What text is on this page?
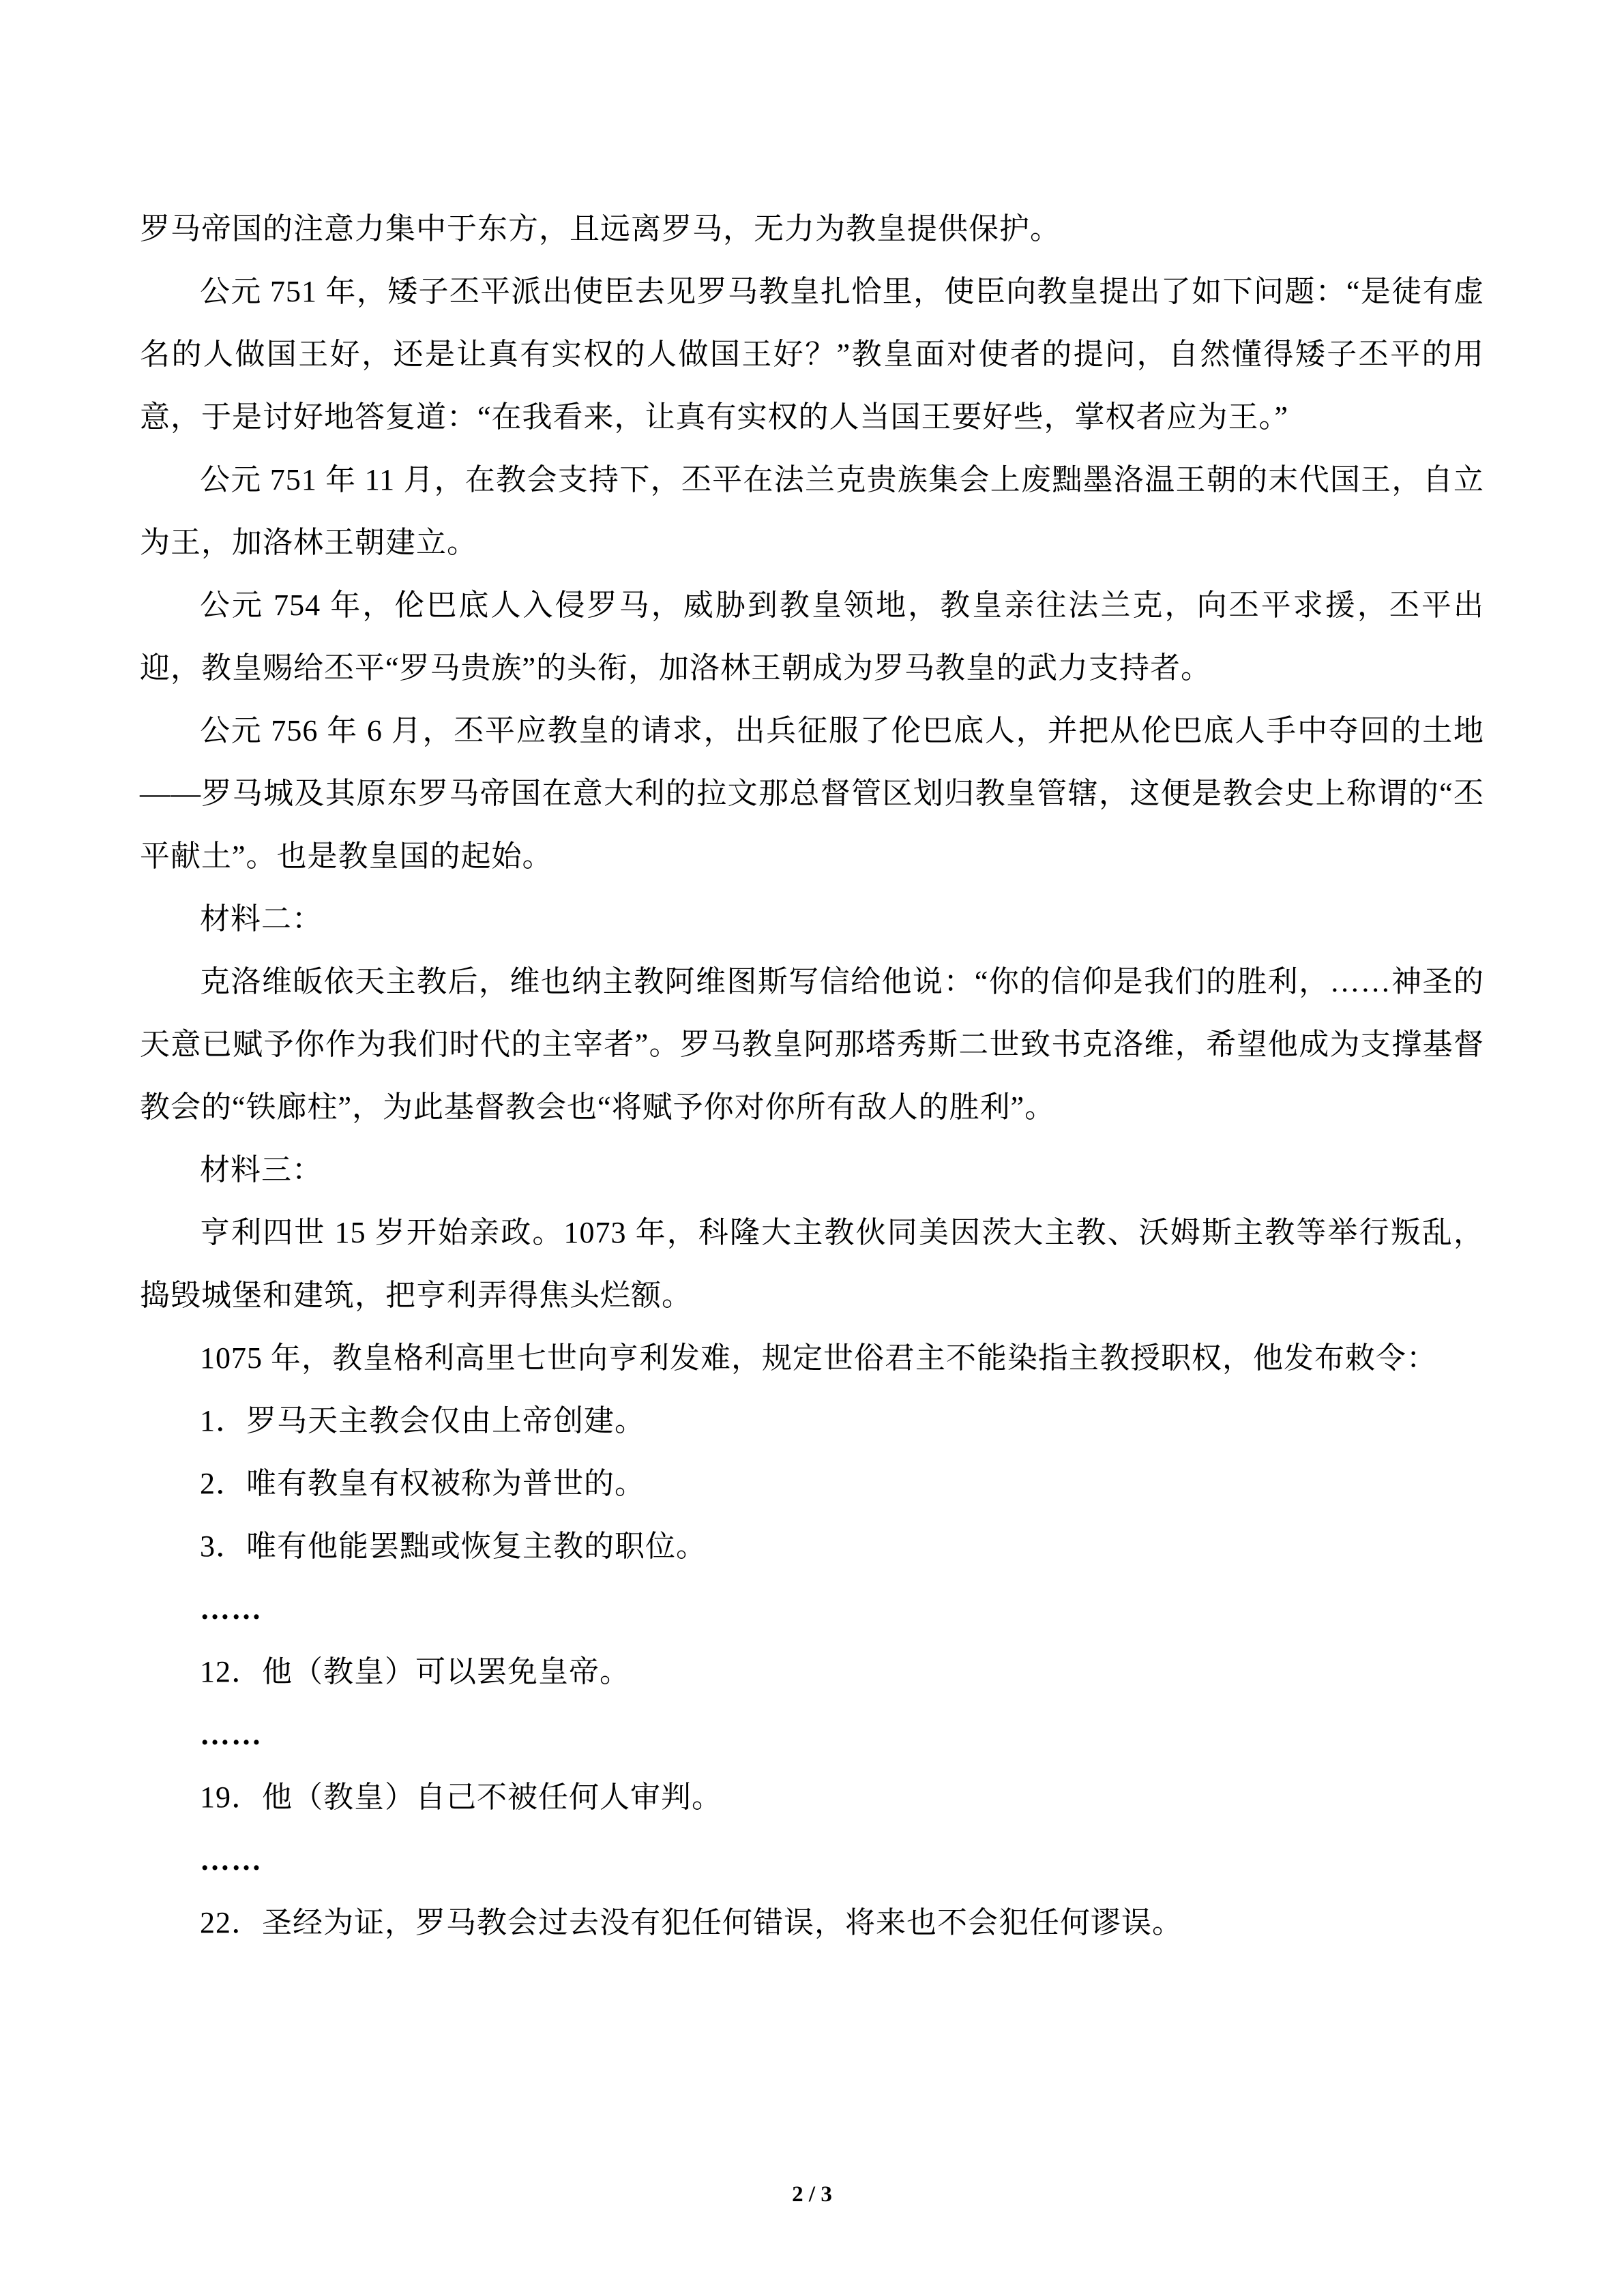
罗马帝国的注意力集中于东方，且远离罗马，无力为教皇提供保护。

公元 751 年，矮子丕平派出使臣去见罗马教皇扎恰里，使臣向教皇提出了如下问题：“是徒有虚名的人做国王好，还是让真有实权的人做国王好？”教皇面对使者的提问，自然懂得矮子丕平的用意，于是讨好地答复道：“在我看来，让真有实权的人当国王要好些，掌权者应为王。”

公元 751 年 11 月，在教会支持下，丕平在法兰克贵族集会上废黜墨洛温王朝的末代国王，自立为王，加洛林王朝建立。

公元 754 年，伦巴底人入侵罗马，威胁到教皇领地，教皇亲往法兰克，向丕平求援，丕平出迎，教皇赐给丕平“罗马贵族”的头衔，加洛林王朝成为罗马教皇的武力支持者。

公元 756 年 6 月，丕平应教皇的请求，出兵征服了伦巴底人，并把从伦巴底人手中夺回的土地——罗马城及其原东罗马帝国在意大利的拉文那总督管区划归教皇管辖，这便是教会史上称谓的“丕平献土”。也是教皇国的起始。

材料二：

克洛维皈依天主教后，维也纳主教阿维图斯写信给他说：“你的信仰是我们的胜利，……神圣的天意已赋予你作为我们时代的主宰者”。罗马教皇阿那塔秀斯二世致书克洛维，希望他成为支撑基督教会的“铁廊柱”，为此基督教会也“将赋予你对你所有敌人的胜利”。

材料三：

亨利四世 15 岁开始亲政。1073 年，科隆大主教伙同美因茨大主教、沃姆斯主教等举行叛乱，捣毁城堡和建筑，把亨利弄得焦头烂额。

1075 年，教皇格利高里七世向亨利发难，规定世俗君主不能染指主教授职权，他发布敕令：

1．罗马天主教会仅由上帝创建。

2．唯有教皇有权被称为普世的。

3．唯有他能罢黜或恢复主教的职位。

……

12．他（教皇）可以罢免皇帝。

……

19．他（教皇）自己不被任何人审判。

……

22．圣经为证，罗马教会过去没有犯任何错误，将来也不会犯任何谬误。

2 / 3
